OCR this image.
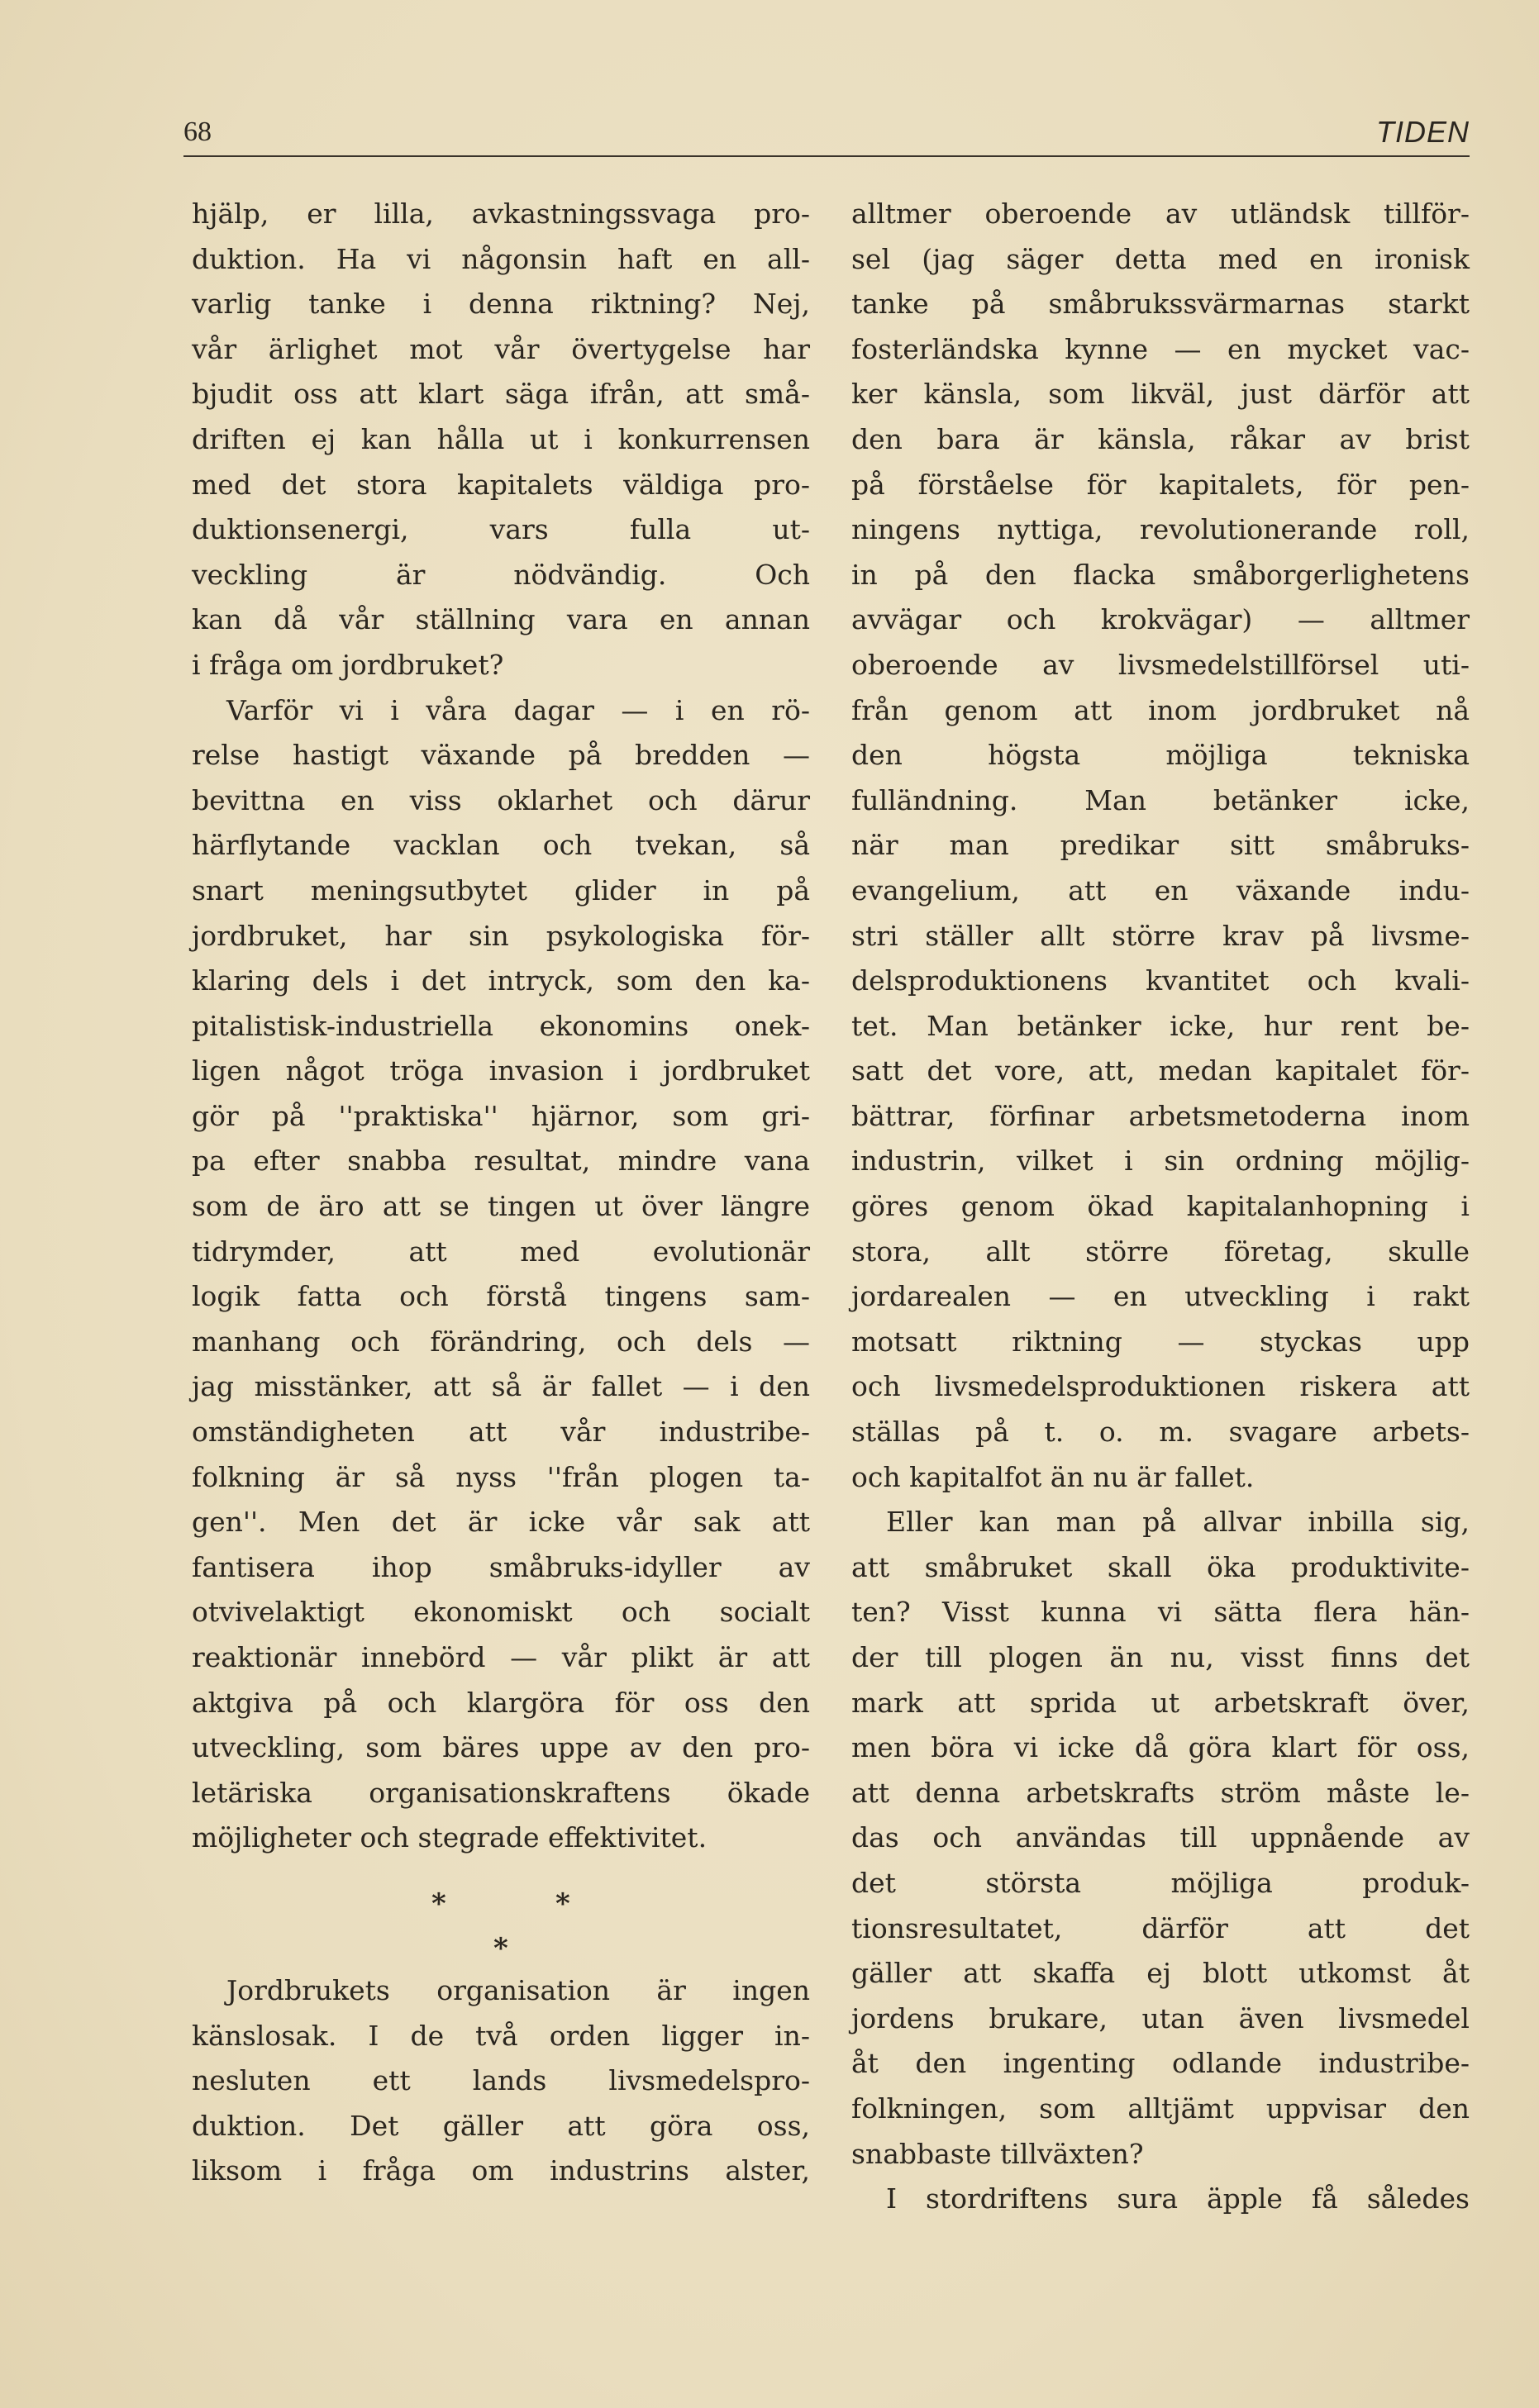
68	TIDEN
hjälp, er lilla, avkastningssvaga pro-
duktion. Ha vi någonsin haft en all-
varlig tanke i denna riktning? Nej,
vår ärlighet mot vår övertygelse har
bjudit oss att klart säga ifrån, att små-
driften ej kan hålla ut i konkurrensen
med det stora kapitalets väldiga pro-
duktionsenergi, vars fulla ut-
veckling är nödvändig. Och
kan då vår ställning vara en annan
i fråga om jordbruket?
Varför vi i våra dagar — i en rö-
relse hastigt växande på bredden —
bevittna en viss oklarhet och därur
härflytande vacklan och tvekan, så
snart meningsutbytet glider in på
jordbruket, har sin psykologiska för-
klaring dels i det intryck, som den ka-
pitalistisk-industriella ekonomins onek-
ligen något tröga invasion i jordbruket
gör på ''praktiska'' hjärnor, som gri-
pa efter snabba resultat, mindre vana
som de äro att se tingen ut över längre
tidrymder, att med evolutionär
logik fatta och förstå tingens sam-
manhang och förändring, och dels —
jag misstänker, att så är fallet — i den
omständigheten att vår industribe-
folkning är så nyss ''från plogen ta-
gen''. Men det är icke vår sak att
fantisera ihop småbruks-idyller av
otvivelaktigt ekonomiskt och socialt
reaktionär innebörd — vår plikt är att
aktgiva på och klargöra för oss den
utveckling, som bäres uppe av den pro-
letäriska organisationskraftens ökade
möjligheter och stegrade effektivitet.
*	*
*
Jordbrukets organisation är ingen
känslosak. I de två orden ligger in-
nesluten ett lands livsmedelspro-
duktion. Det gäller att göra oss,
liksom i fråga om industrins alster,
alltmer oberoende av utländsk tillför-
sel (jag säger detta med en ironisk
tanke på småbrukssvärmarnas starkt
fosterländska kynne — en mycket vac-
ker känsla, som likväl, just därför att
den bara är känsla, råkar av brist
på förståelse för kapitalets, för pen-
ningens nyttiga, revolutionerande roll,
in på den flacka småborgerlighetens
avvägar och krokvägar) — alltmer
oberoende av livsmedelstillförsel uti-
från genom att inom jordbruket nå
den högsta möjliga tekniska
fulländning. Man betänker icke,
när man predikar sitt småbruks-
evangelium, att en växande indu-
stri ställer allt större krav på livsme-
delsproduktionens kvantitet och kvali-
tet. Man betänker icke, hur rent be-
satt det vore, att, medan kapitalet för-
bättrar, förfinar arbetsmetoderna inom
industrin, vilket i sin ordning möjlig-
göres genom ökad kapitalanhopning i
stora, allt större företag, skulle
jordarealen — en utveckling i rakt
motsatt riktning — styckas upp
och livsmedelsproduktionen riskera att
ställas på t. o. m. svagare arbets-
och kapitalfot än nu är fallet.
Eller kan man på allvar inbilla sig,
att småbruket skall öka produktivite-
ten? Visst kunna vi sätta flera hän-
der till plogen än nu, visst finns det
mark att sprida ut arbetskraft över,
men böra vi icke då göra klart för oss,
att denna arbetskrafts ström måste le-
das och användas till uppnående av
det största möjliga produk-
tionsresultatet, därför att det
gäller att skaffa ej blott utkomst åt
jordens brukare, utan även livsmedel
åt den ingenting odlande industribe-
folkningen, som alltjämt uppvisar den
snabbaste tillväxten?
I stordriftens sura äpple få således
